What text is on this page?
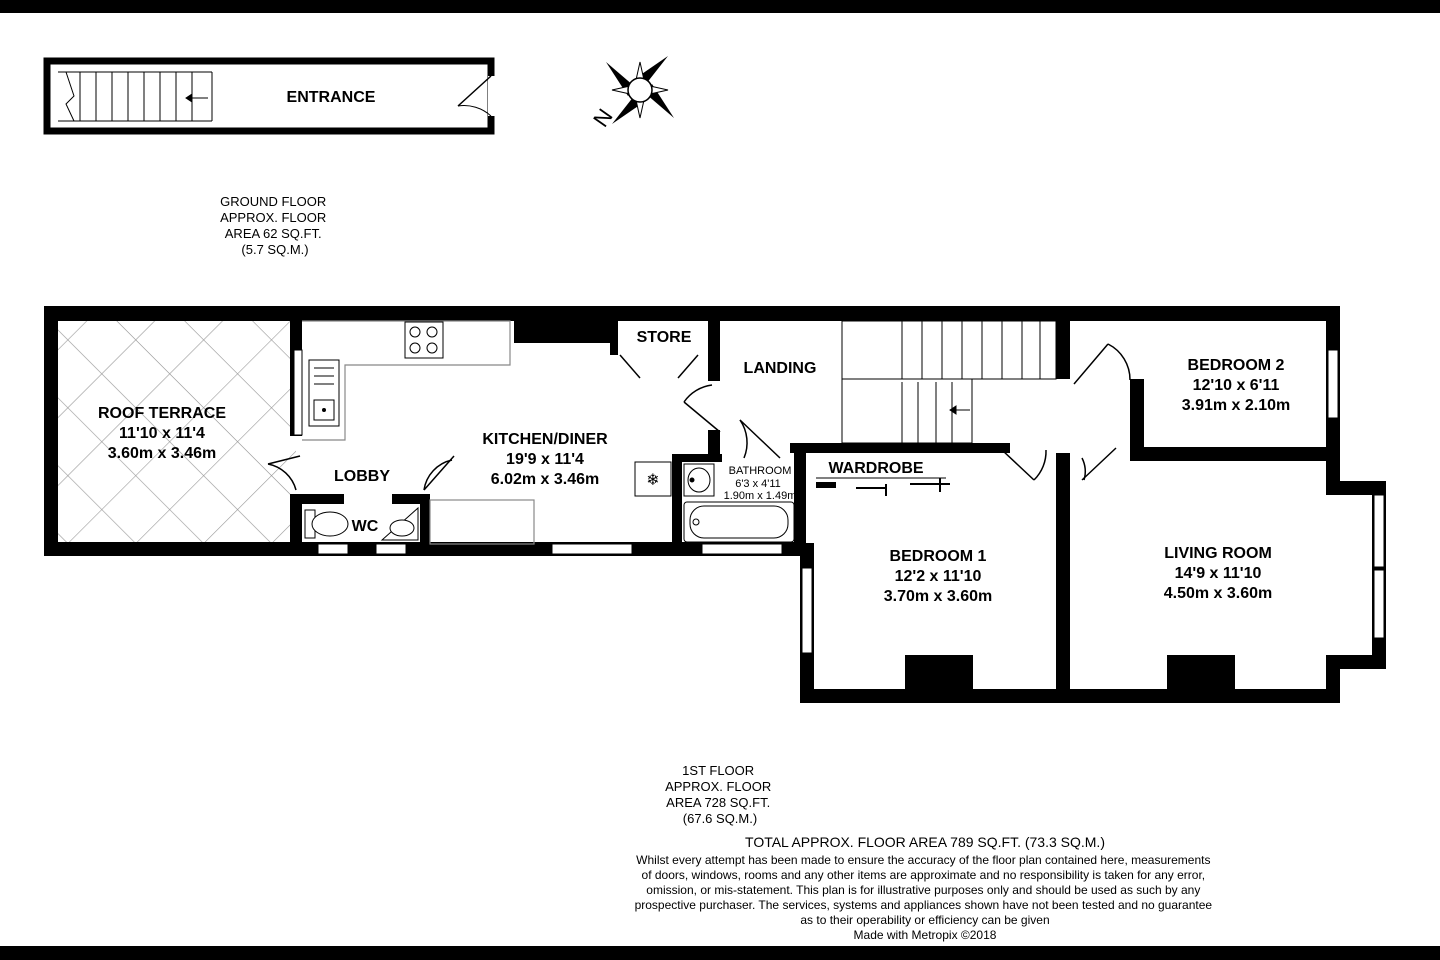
ENTRANCE
GROUND FLOOR APPROX. FLOOR AREA 62 SQ.FT. (5.7 SQ.M.)
N
❄
ROOF TERRACE
11'10 x 11'4
3.60m x 3.46m
KITCHEN/DINER
19'9 x 11'4
6.02m x 3.46m
LOBBY
WC
STORE
LANDING
BATHROOM
6'3 x 4'11
1.90m x 1.49m
WARDROBE
BEDROOM 1
12'2 x 11'10
3.70m x 3.60m
BEDROOM 2
12'10 x 6'11
3.91m x 2.10m
LIVING ROOM
14'9 x 11'10
4.50m x 3.60m
1ST FLOOR APPROX. FLOOR AREA 728 SQ.FT. (67.6 SQ.M.)
TOTAL APPROX. FLOOR AREA 789 SQ.FT. (73.3 SQ.M.)
Whilst every attempt has been made to ensure the accuracy of the floor plan contained here, measurements of doors, windows, rooms and any other items are approximate and no responsibility is taken for any error, omission, or mis-statement. This plan is for illustrative purposes only and should be used as such by any prospective purchaser. The services, systems and appliances shown have not been tested and no guarantee as to their operability or efficiency can be given
Made with Metropix ©2018
